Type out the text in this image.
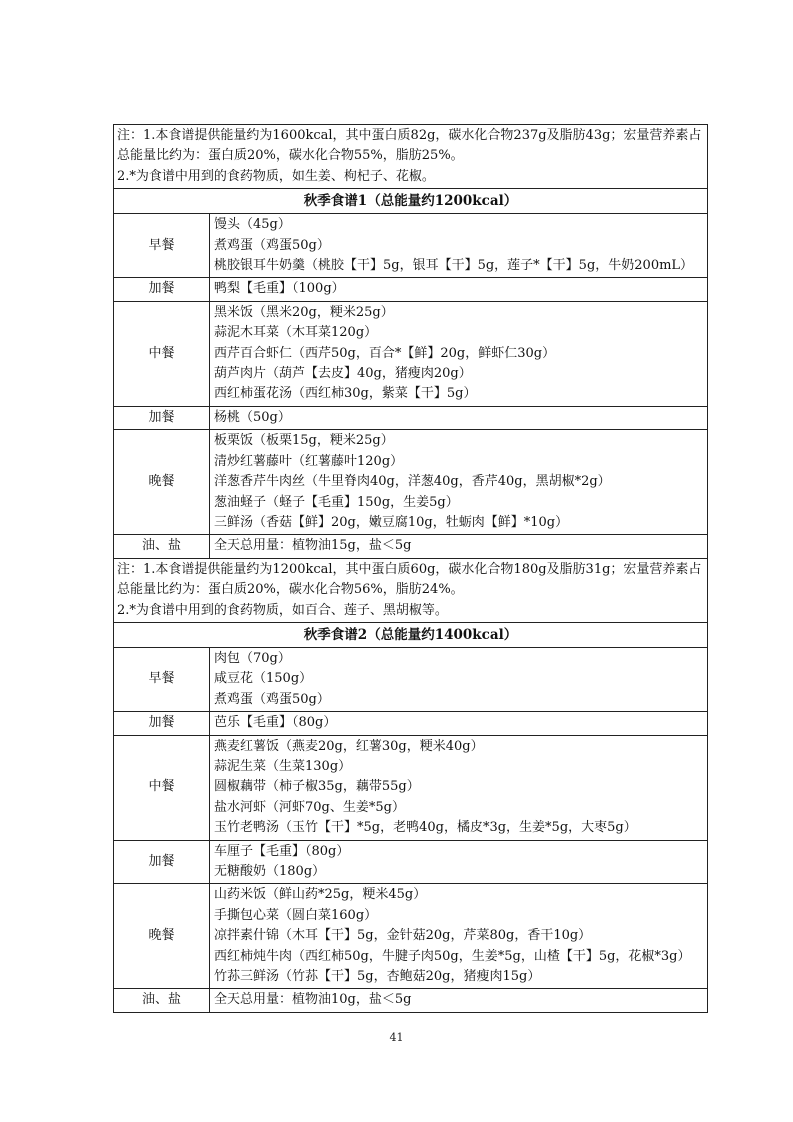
注：1.本食谱提供能量约为1600kcal，其中蛋白质82g，碳水化合物237g及脂肪43g；宏量营养素占总能量比约为：蛋白质20%，碳水化合物55%，脂肪25%。
2.*为食谱中用到的食药物质，如生姜、枸杞子、花椒。	

秋季食谱1（总能量约1200kcal）	
早餐	馒头（45g）
煮鸡蛋（鸡蛋50g）
桃胶银耳牛奶羹（桃胶【干】5g，银耳【干】5g，莲子*【干】5g，牛奶200mL）

加餐	鸭梨【毛重】（100g）

中餐	黑米饭（黑米20g，粳米25g）
蒜泥木耳菜（木耳菜120g）
西芹百合虾仁（西芹50g，百合*【鲜】20g，鲜虾仁30g）
葫芦肉片（葫芦【去皮】40g，猪瘦肉20g）
西红柿蛋花汤（西红柿30g，紫菜【干】5g）

加餐	杨桃（50g）

晚餐	板栗饭（板栗15g，粳米25g）
清炒红薯藤叶（红薯藤叶120g）
洋葱香芹牛肉丝（牛里脊肉40g，洋葱40g，香芹40g，黑胡椒*2g）
葱油蛏子（蛏子【毛重】150g，生姜5g）
三鲜汤（香菇【鲜】20g，嫩豆腐10g，牡蛎肉【鲜】*10g）

油、盐	全天总用量：植物油15g，盐＜5g

注：1.本食谱提供能量约为1200kcal，其中蛋白质60g，碳水化合物180g及脂肪31g；宏量营养素占总能量比约为：蛋白质20%，碳水化合物56%，脂肪24%。
2.*为食谱中用到的食药物质，如百合、莲子、黑胡椒等。	

秋季食谱2（总能量约1400kcal）	
早餐	肉包（70g）
咸豆花（150g）
煮鸡蛋（鸡蛋50g）

加餐	芭乐【毛重】（80g）

中餐	燕麦红薯饭（燕麦20g，红薯30g，粳米40g）
蒜泥生菜（生菜130g）
圆椒藕带（柿子椒35g，藕带55g）
盐水河虾（河虾70g、生姜*5g）
玉竹老鸭汤（玉竹【干】*5g，老鸭40g，橘皮*3g，生姜*5g，大枣5g）

加餐	车厘子【毛重】（80g）
无糖酸奶（180g）

晚餐	山药米饭（鲜山药*25g，粳米45g）
手撕包心菜（圆白菜160g）
凉拌素什锦（木耳【干】5g，金针菇20g，芹菜80g，香干10g）
西红柿炖牛肉（西红柿50g，牛腱子肉50g，生姜*5g，山楂【干】5g，花椒*3g）
竹荪三鲜汤（竹荪【干】5g，杏鲍菇20g，猪瘦肉15g）

油、盐	全天总用量：植物油10g，盐＜5g
41
